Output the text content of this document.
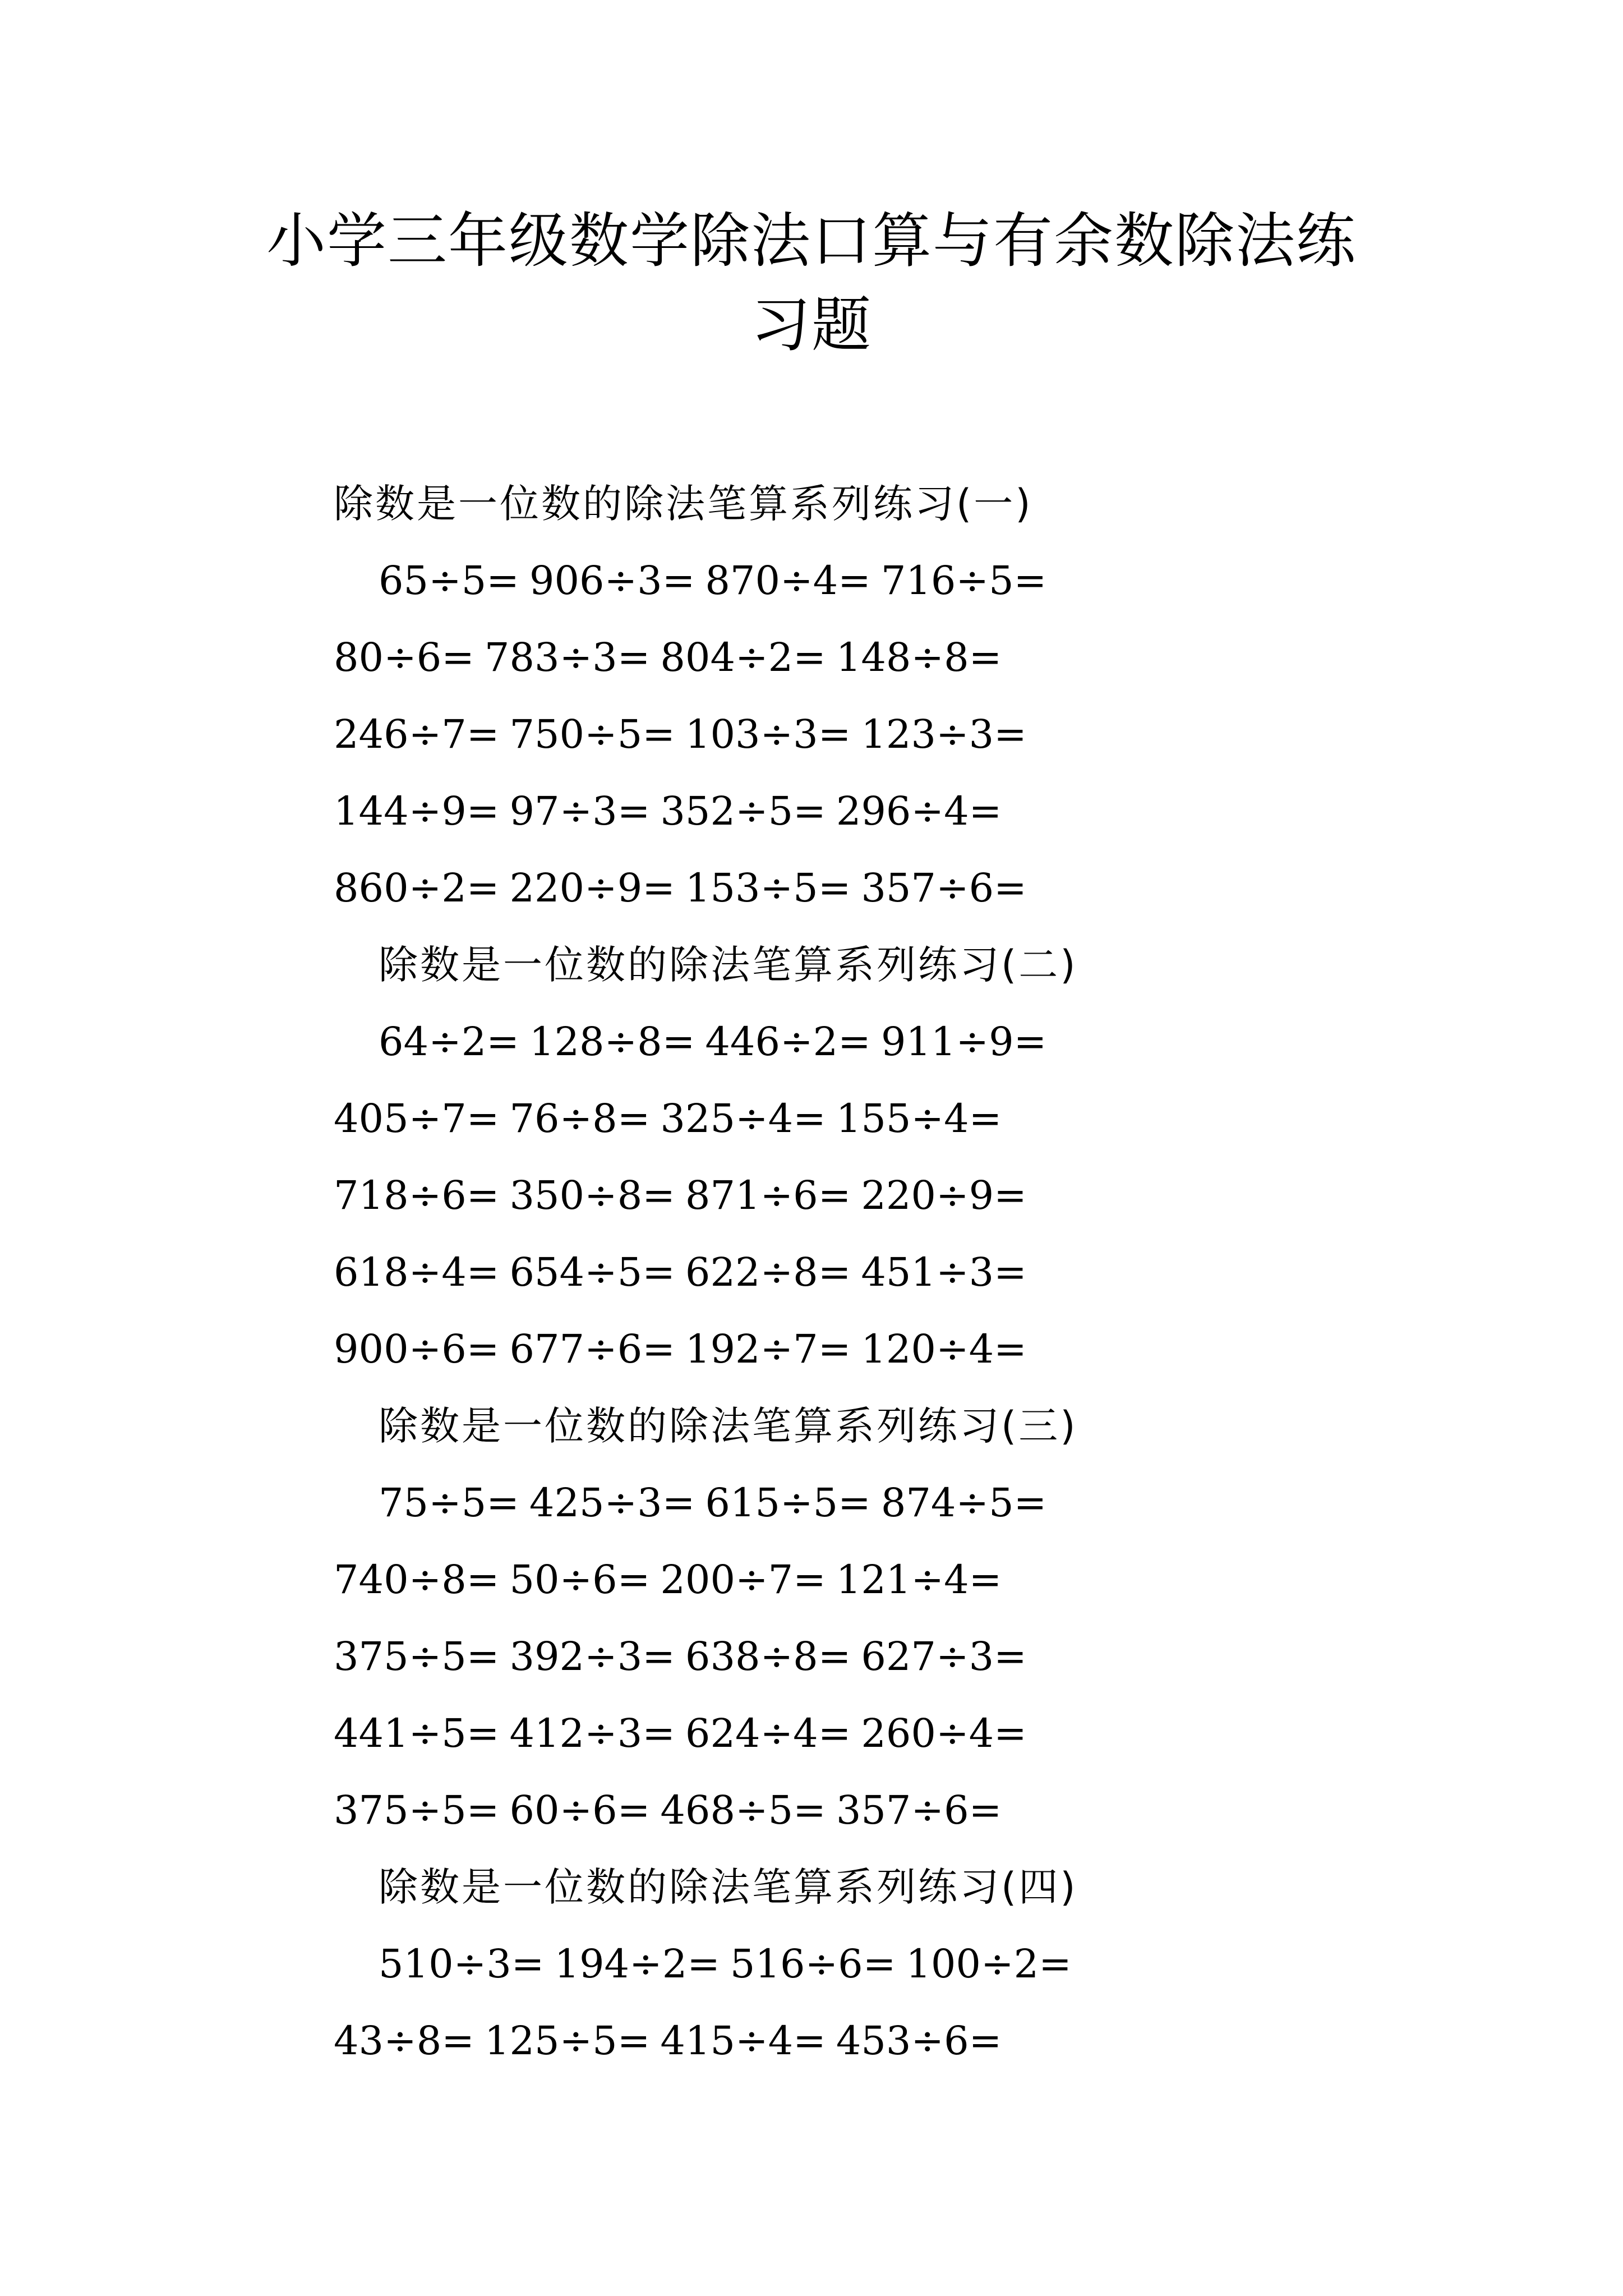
小学三年级数学除法口算与有余数除法练
习题
除数是一位数的除法笔算系列练习(一)
65÷5= 906÷3= 870÷4= 716÷5=
80÷6= 783÷3= 804÷2= 148÷8=
246÷7= 750÷5= 103÷3= 123÷3=
144÷9= 97÷3= 352÷5= 296÷4=
860÷2= 220÷9= 153÷5= 357÷6=
除数是一位数的除法笔算系列练习(二)
64÷2= 128÷8= 446÷2= 911÷9=
405÷7= 76÷8= 325÷4= 155÷4=
718÷6= 350÷8= 871÷6= 220÷9=
618÷4= 654÷5= 622÷8= 451÷3=
900÷6= 677÷6= 192÷7= 120÷4=
除数是一位数的除法笔算系列练习(三)
75÷5= 425÷3= 615÷5= 874÷5=
740÷8= 50÷6= 200÷7= 121÷4=
375÷5= 392÷3= 638÷8= 627÷3=
441÷5= 412÷3= 624÷4= 260÷4=
375÷5= 60÷6= 468÷5= 357÷6=
除数是一位数的除法笔算系列练习(四)
510÷3= 194÷2= 516÷6= 100÷2=
43÷8= 125÷5= 415÷4= 453÷6=
